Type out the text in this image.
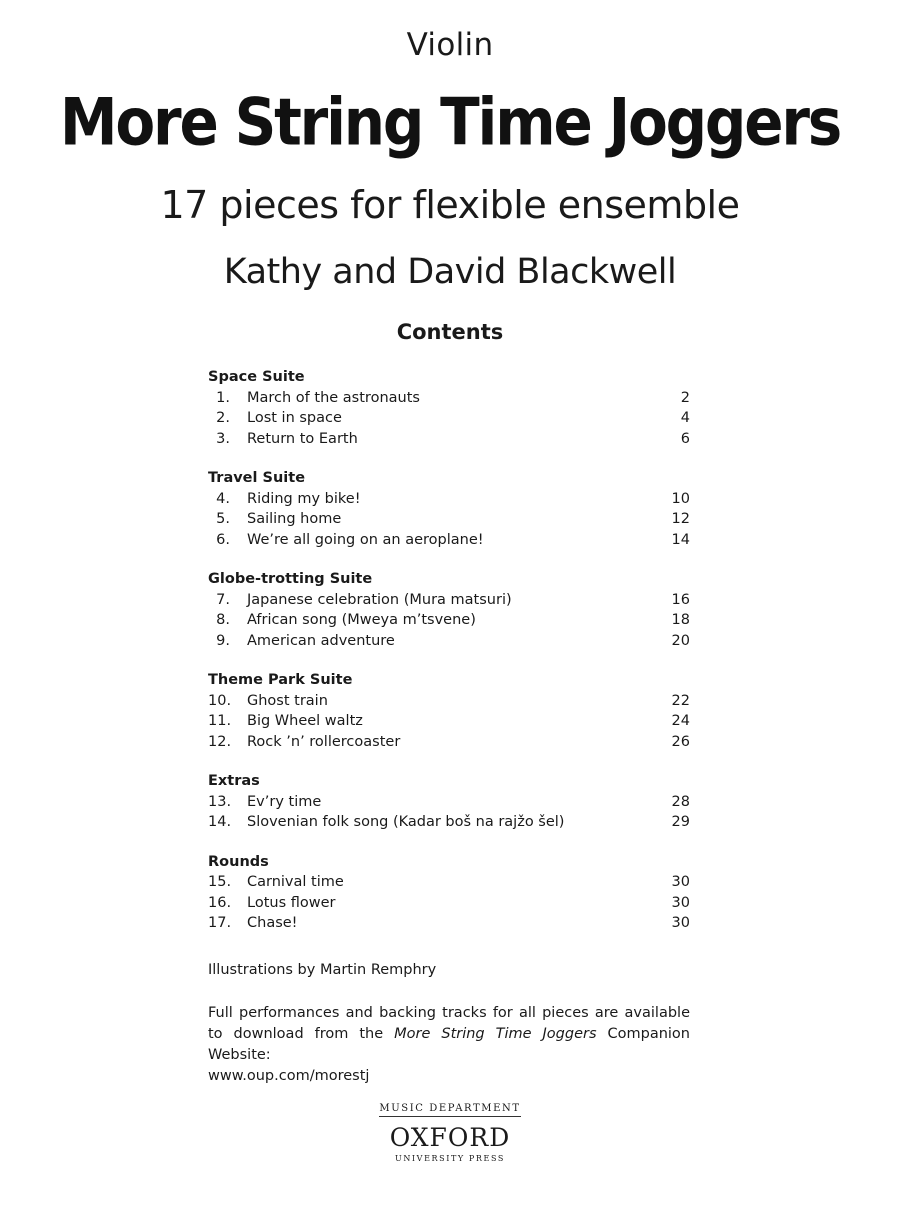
Violin
More String Time Joggers
17 pieces for flexible ensemble
Kathy and David Blackwell
Contents
Space Suite
1.	March of the astronauts	2
2.	Lost in space	4
3.	Return to Earth	6
Travel Suite
4.	Riding my bike!	10
5.	Sailing home	12
6.	We’re all going on an aeroplane!	14
Globe-trotting Suite
7.	Japanese celebration (Mura matsuri)	16
8.	African song (Mweya m’tsvene)	18
9.	American adventure	20
Theme Park Suite
10.	Ghost train	22
11.	Big Wheel waltz	24
12.	Rock ’n’ rollercoaster	26
Extras
13.	Ev’ry time	28
14.	Slovenian folk song (Kadar boš na rajžo šel)	29
Rounds
15.	Carnival time	30
16.	Lotus flower	30
17.	Chase!	30
Illustrations by Martin Remphry
Full performances and backing tracks for all pieces are available to download from the More String Time Joggers Companion Website:
www.oup.com/morestj
MUSIC DEPARTMENT
OXFORD
UNIVERSITY PRESS
